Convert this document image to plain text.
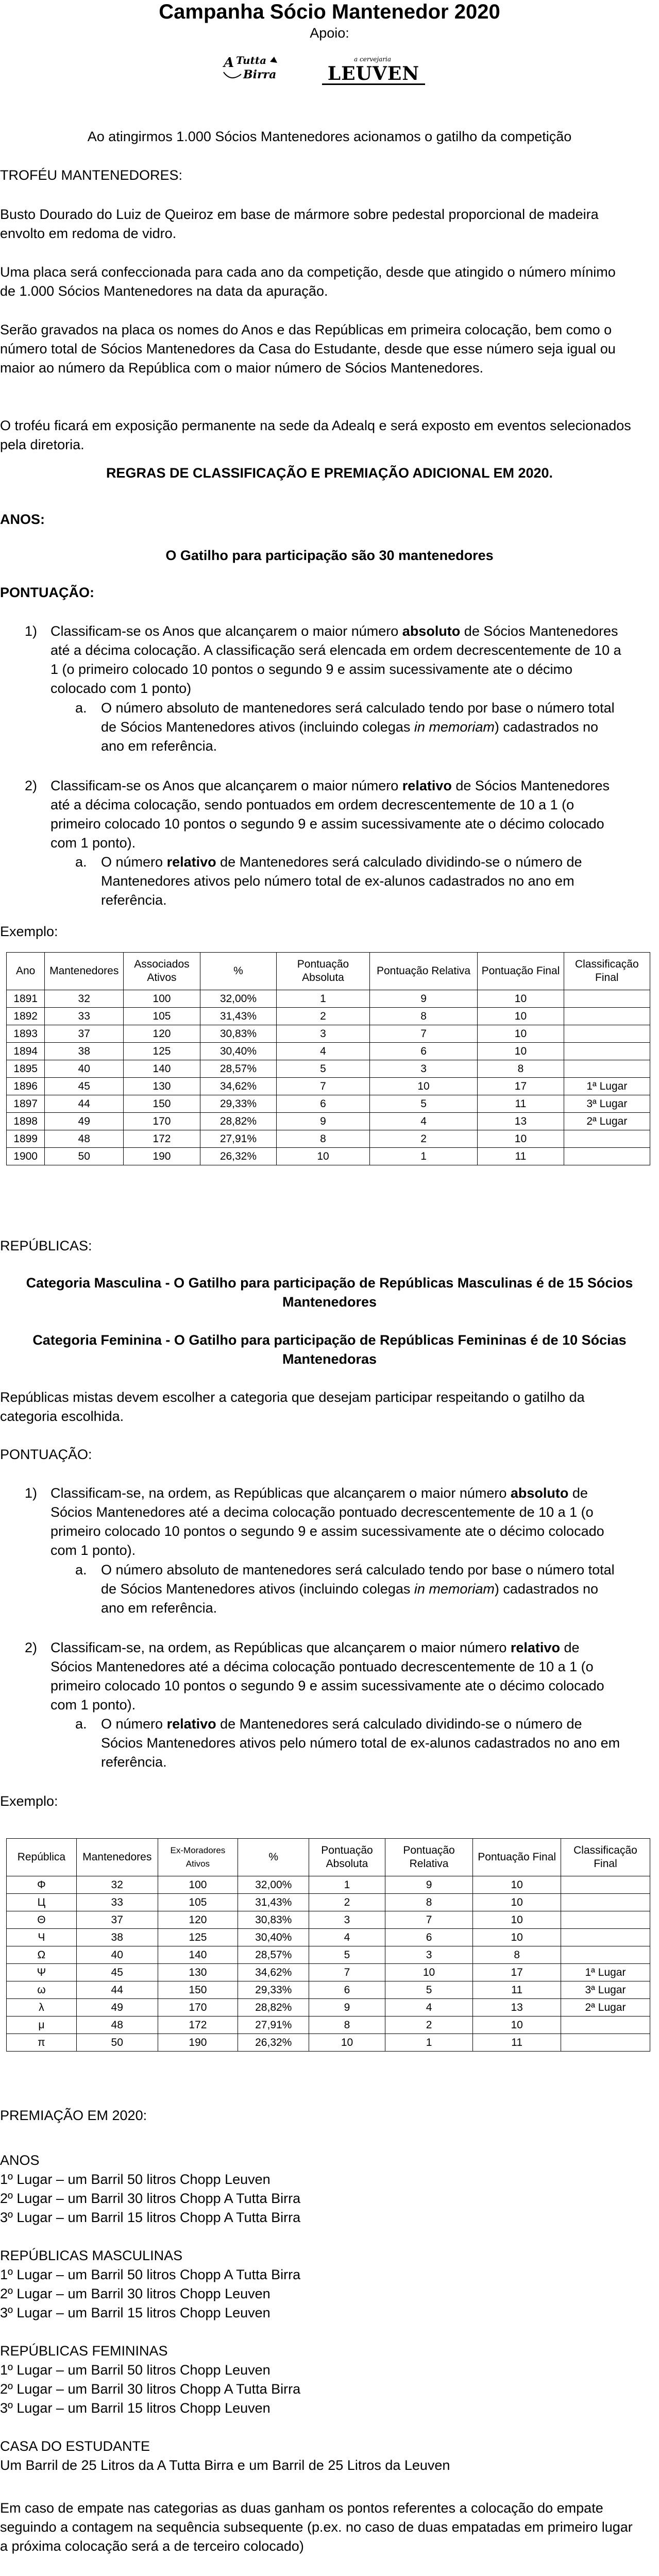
Campanha Sócio Mantenedor 2020
Apoio:
A Tutta
Birra
a cervejaria
LEUVEN
Ao atingirmos 1.000 Sócios Mantenedores acionamos o gatilho da competição
TROFÉU MANTENEDORES:
Busto Dourado do Luiz de Queiroz em base de mármore sobre pedestal proporcional de madeira envolto em redoma de vidro.
Uma placa será confeccionada para cada ano da competição, desde que atingido o número mínimo de 1.000 Sócios Mantenedores na data da apuração.
Serão gravados na placa os nomes do Anos e das Repúblicas em primeira colocação, bem como o número total de Sócios Mantenedores da Casa do Estudante, desde que esse número seja igual ou maior ao número da República com o maior número de Sócios Mantenedores.
O troféu ficará em exposição permanente na sede da Adealq e será exposto em eventos selecionados pela diretoria.
REGRAS DE CLASSIFICAÇÃO E PREMIAÇÃO ADICIONAL EM 2020.
ANOS:
O Gatilho para participação são 30 mantenedores
PONTUAÇÃO:
1) Classificam-se os Anos que alcançarem o maior número absoluto de Sócios Mantenedores até a décima colocação. A classificação será elencada em ordem decrescentemente de 10 a 1 (o primeiro colocado 10 pontos o segundo 9 e assim sucessivamente ate o décimo colocado com 1 ponto)
a. O número absoluto de mantenedores será calculado tendo por base o número total de Sócios Mantenedores ativos (incluindo colegas in memoriam) cadastrados no ano em referência.
2) Classificam-se os Anos que alcançarem o maior número relativo de Sócios Mantenedores até a décima colocação, sendo pontuados em ordem decrescentemente de 10 a 1 (o primeiro colocado 10 pontos o segundo 9 e assim sucessivamente ate o décimo colocado com 1 ponto).
a. O número relativo de Mantenedores será calculado dividindo-se o número de Mantenedores ativos pelo número total de ex-alunos cadastrados no ano em referência.
Exemplo:
Ano	Mantenedores	Associados Ativos	%	Pontuação Absoluta	Pontuação Relativa	Pontuação Final	Classificação Final
1891	32	100	32,00%	1	9	10	
1892	33	105	31,43%	2	8	10	
1893	37	120	30,83%	3	7	10	
1894	38	125	30,40%	4	6	10	
1895	40	140	28,57%	5	3	8	
1896	45	130	34,62%	7	10	17	1ª Lugar
1897	44	150	29,33%	6	5	11	3ª Lugar
1898	49	170	28,82%	9	4	13	2ª Lugar
1899	48	172	27,91%	8	2	10	
1900	50	190	26,32%	10	1	11	
REPÚBLICAS:
Categoria Masculina - O Gatilho para participação de Repúblicas Masculinas é de 15 Sócios Mantenedores
Categoria Feminina - O Gatilho para participação de Repúblicas Femininas é de 10 Sócias Mantenedoras
Repúblicas mistas devem escolher a categoria que desejam participar respeitando o gatilho da categoria escolhida.
PONTUAÇÃO:
1) Classificam-se, na ordem, as Repúblicas que alcançarem o maior número absoluto de Sócios Mantenedores até a decima colocação pontuado decrescentemente de 10 a 1 (o primeiro colocado 10 pontos o segundo 9 e assim sucessivamente ate o décimo colocado com 1 ponto).
a. O número absoluto de mantenedores será calculado tendo por base o número total de Sócios Mantenedores ativos (incluindo colegas in memoriam) cadastrados no ano em referência.
2) Classificam-se, na ordem, as Repúblicas que alcançarem o maior número relativo de Sócios Mantenedores até a décima colocação pontuado decrescentemente de 10 a 1 (o primeiro colocado 10 pontos o segundo 9 e assim sucessivamente ate o décimo colocado com 1 ponto).
a. O número relativo de Mantenedores será calculado dividindo-se o número de Sócios Mantenedores ativos pelo número total de ex-alunos cadastrados no ano em referência.
Exemplo:
República	Mantenedores	Ex-Moradores Ativos	%	Pontuação Absoluta	Pontuação Relativa	Pontuação Final	Classificação Final
Φ	32	100	32,00%	1	9	10	
Ц	33	105	31,43%	2	8	10	
Θ	37	120	30,83%	3	7	10	
Ч	38	125	30,40%	4	6	10	
Ω	40	140	28,57%	5	3	8	
Ψ	45	130	34,62%	7	10	17	1ª Lugar
ω	44	150	29,33%	6	5	11	3ª Lugar
λ	49	170	28,82%	9	4	13	2ª Lugar
μ	48	172	27,91%	8	2	10	
π	50	190	26,32%	10	1	11	
PREMIAÇÃO EM 2020:
ANOS
1º Lugar – um Barril 50 litros Chopp Leuven
2º Lugar – um Barril 30 litros Chopp A Tutta Birra
3º Lugar – um Barril 15 litros Chopp A Tutta Birra
REPÚBLICAS MASCULINAS
1º Lugar – um Barril 50 litros Chopp A Tutta Birra
2º Lugar – um Barril 30 litros Chopp Leuven
3º Lugar – um Barril 15 litros Chopp Leuven
REPÚBLICAS FEMININAS
1º Lugar – um Barril 50 litros Chopp Leuven
2º Lugar – um Barril 30 litros Chopp A Tutta Birra
3º Lugar – um Barril 15 litros Chopp Leuven
CASA DO ESTUDANTE
Um Barril de 25 Litros da A Tutta Birra e um Barril de 25 Litros da Leuven
Em caso de empate nas categorias as duas ganham os pontos referentes a colocação do empate seguindo a contagem na sequência subsequente (p.ex. no caso de duas empatadas em primeiro lugar a próxima colocação será a de terceiro colocado)
